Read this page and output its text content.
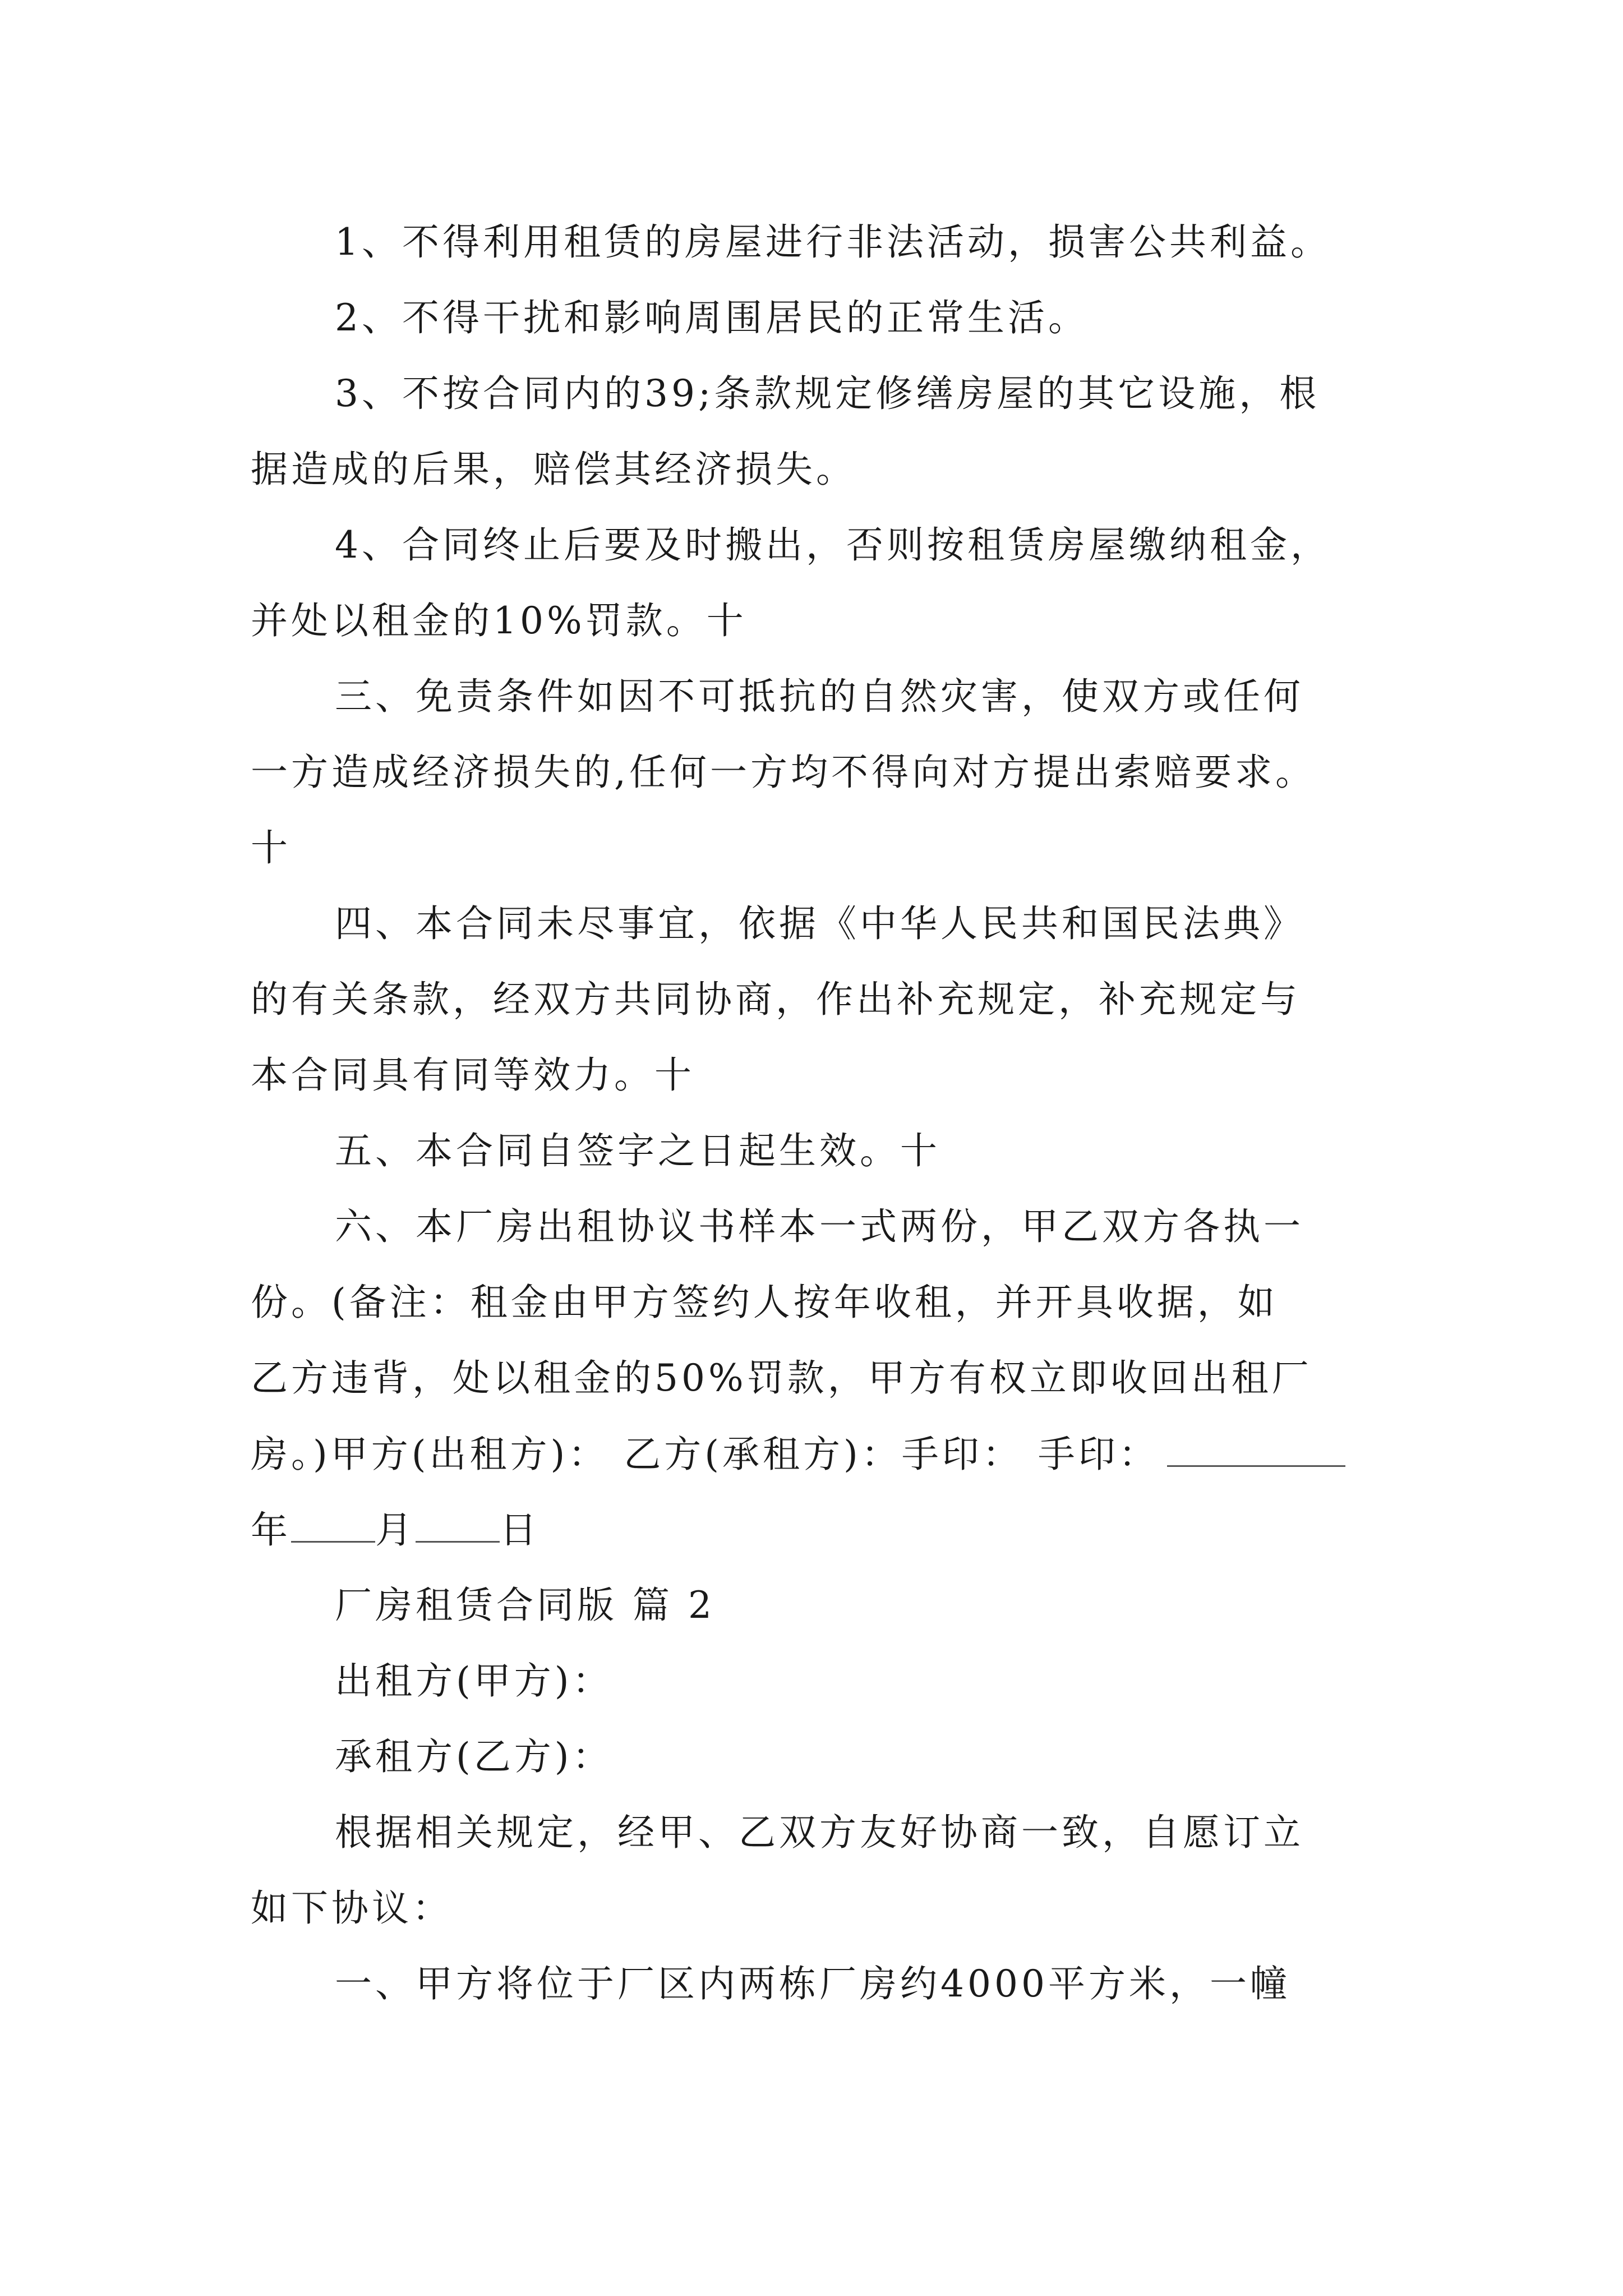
1、不得利用租赁的房屋进行非法活动，损害公共利益。
2、不得干扰和影响周围居民的正常生活。
3、不按合同内的39;条款规定修缮房屋的其它设施，根
据造成的后果，赔偿其经济损失。
4、合同终止后要及时搬出，否则按租赁房屋缴纳租金，
并处以租金的10%罚款。十
三、免责条件如因不可抵抗的自然灾害，使双方或任何
一方造成经济损失的,任何一方均不得向对方提出索赔要求。
十
四、本合同未尽事宜，依据《中华人民共和国民法典》
的有关条款，经双方共同协商，作出补充规定，补充规定与
本合同具有同等效力。十
五、本合同自签字之日起生效。十
六、本厂房出租协议书样本一式两份，甲乙双方各执一
份。(备注：租金由甲方签约人按年收租，并开具收据，如
乙方违背，处以租金的50%罚款，甲方有权立即收回出租厂
房。)甲方(出租方)： 乙方(承租方)：手印： 手印：
年 月 日
厂房租赁合同版 篇 2
出租方(甲方)：
承租方(乙方)：
根据相关规定，经甲、乙双方友好协商一致，自愿订立
如下协议：
一、甲方将位于厂区内两栋厂房约4000平方米，一幢
